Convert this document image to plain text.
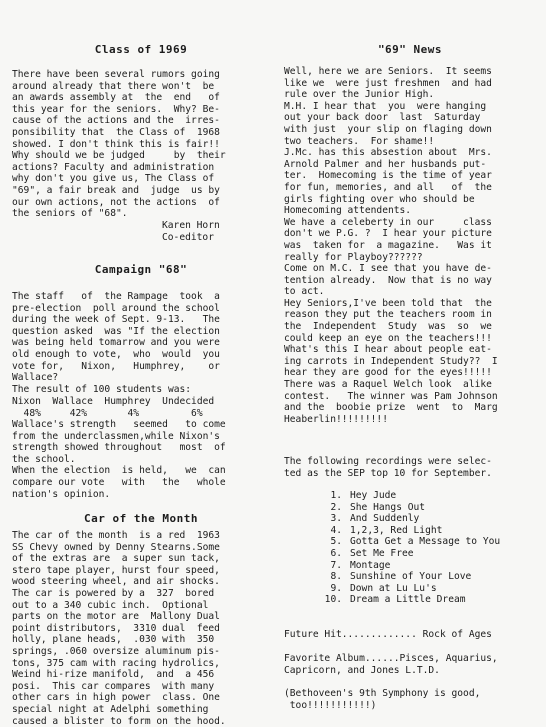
Class of 1969
There have been several rumors going
around already that there won't  be
an awards assembly at  the  end   of
this year for the seniors.  Why? Be-
cause of the actions and the  irres-
ponsibility that  the Class of  1968
showed. I don't think this is fair!!
Why should we be judged     by  their
actions? Faculty and administration
why don't you give us, The Class of
"69", a fair break and  judge  us by
our own actions, not the actions  of
the seniors of "68".
Karen Horn
Co-editor
Campaign "68"
The staff   of  the Rampage  took  a
pre-election  poll around the school
during the week of Sept. 9-13.   The
question asked  was "If the election
was being held tomarrow and you were
old enough to vote,  who  would  you
vote for,   Nixon,   Humphrey,    or
Wallace?
The result of 100 students was:
Nixon  Wallace  Humphrey  Undecided
48%     42%       4%         6%
Wallace's strength   seemed   to come
from the underclassmen,while Nixon's
strength showed throughout   most  of
the school.
When the election  is held,   we  can
compare our vote   with   the   whole
nation's opinion.
Car of the Month
The car of the month  is a red  1963
SS Chevy owned by Denny Stearns.Some
of the extras are  a super sun tack,
stero tape player, hurst four speed,
wood steering wheel, and air shocks.
The car is powered by a  327  bored
out to a 340 cubic inch.  Optional
parts on the motor are  Mallony Dual
point distributors,  3310 dual  feed
holly, plane heads,  .030 with  350
springs, .060 oversize aluminum pis-
tons, 375 cam with racing hydrolics,
Weind hi-rize manifold,  and  a 456
posi.  This car compares  with many
other cars in high power  class. One
special night at Adelphi something
caused a blister to form on the hood.
"69" News
Well, here we are Seniors.  It seems
like we  were just freshmen  and had
rule over the Junior High.
M.H. I hear that  you  were hanging
out your back door  last  Saturday
with just  your slip on flaging down
two teachers.  For shame!!
J.Mc. has this absestion about  Mrs.
Arnold Palmer and her husbands put-
ter.  Homecoming is the time of year
for fun, memories, and all   of  the
girls fighting over who should be
Homecoming attendents.
We have a celeberty in our     class
don't we P.G. ?  I hear your picture
was  taken for  a magazine.   Was it
really for Playboy??????
Come on M.C. I see that you have de-
tention already.  Now that is no way
to act.
Hey Seniors,I've been told that  the
reason they put the teachers room in
the  Independent  Study  was  so  we
could keep an eye on the teachers!!!
What's this I hear about people eat-
ing carrots in Independent Study??  I
hear they are good for the eyes!!!!!
There was a Raquel Welch look  alike
contest.   The winner was Pam Johnson
and the  boobie prize  went  to  Marg
Heaberlin!!!!!!!!!
The following recordings were selec-
ted as the SEP top 10 for September.
1. Hey Jude
2. She Hangs Out
3. And Suddenly
4. 1,2,3, Red Light
5. Gotta Get a Message to You
6. Set Me Free
7. Montage
8. Sunshine of Your Love
9. Down at Lu Lu's
10. Dream a Little Dream
Future Hit............. Rock of Ages
Favorite Album......Pisces, Aquarius,
Capricorn, and Jones L.T.D.
(Bethoveen's 9th Symphony is good,
too!!!!!!!!!!!)
